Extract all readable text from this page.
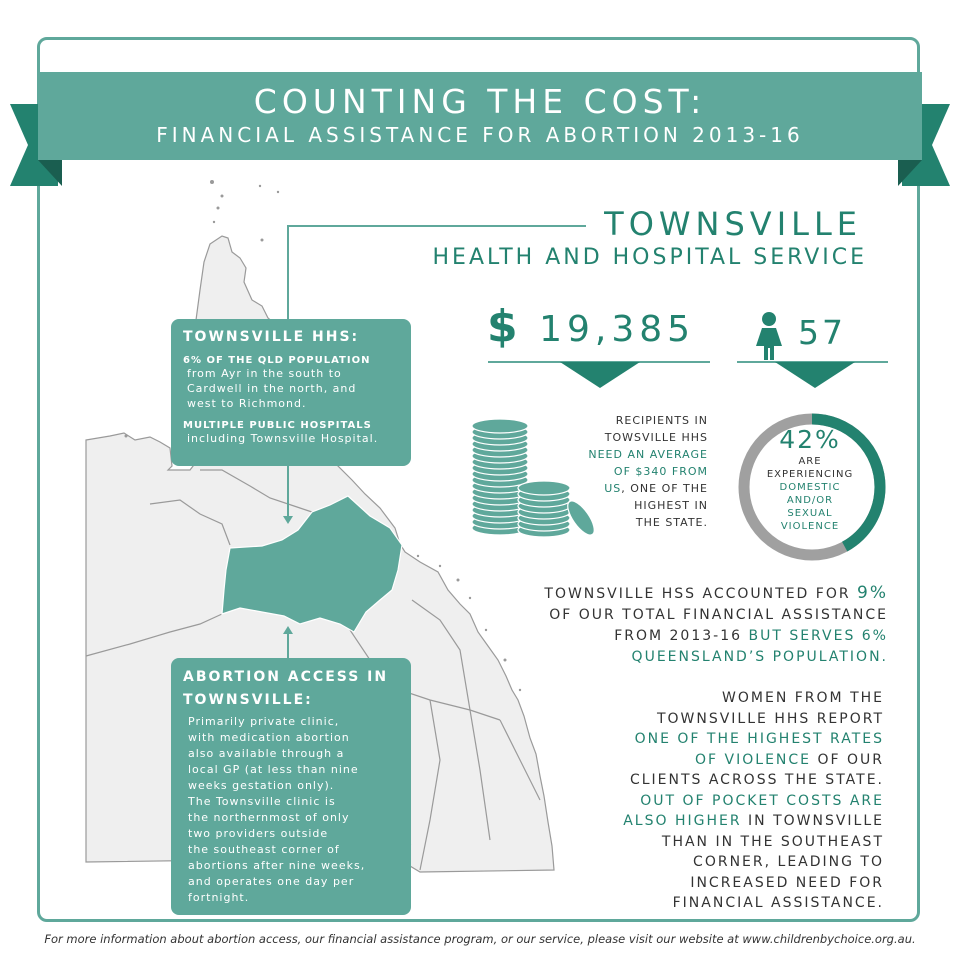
COUNTING THE COST:
FINANCIAL ASSISTANCE FOR ABORTION 2013-16
TOWNSVILLE HHS:
6% OF THE QLD POPULATION
from Ayr in the south to
Cardwell in the north, and
west to Richmond.
MULTIPLE PUBLIC HOSPITALS
including Townsville Hospital.
ABORTION ACCESS IN
TOWNSVILLE:
Primarily private clinic,
with medication abortion
also available through a
local GP (at less than nine
weeks gestation only).
The Townsville clinic is
the northernmost of only
two providers outside
the southeast corner of
abortions after nine weeks,
and operates one day per
fortnight.
TOWNSVILLE
HEALTH AND HOSPITAL SERVICE
$ 19,385	57
RECIPIENTS IN
TOWSVILLE HHS
NEED AN AVERAGE
OF $340 FROM
US, ONE OF THE
HIGHEST IN
THE STATE.
42%
ARE
EXPERIENCING
DOMESTIC
AND/OR
SEXUAL
VIOLENCE
TOWNSVILLE HSS ACCOUNTED FOR 9%
OF OUR TOTAL FINANCIAL ASSISTANCE
FROM 2013-16 BUT SERVES 6%
QUEENSLAND’S POPULATION.
WOMEN FROM THE
TOWNSVILLE HHS REPORT
ONE OF THE HIGHEST RATES
OF VIOLENCE OF OUR
CLIENTS ACROSS THE STATE.
OUT OF POCKET COSTS ARE
ALSO HIGHER IN TOWNSVILLE
THAN IN THE SOUTHEAST
CORNER, LEADING TO
INCREASED NEED FOR
FINANCIAL ASSISTANCE.
For more information about abortion access, our financial assistance program, or our service, please visit our website at www.childrenbychoice.org.au.
